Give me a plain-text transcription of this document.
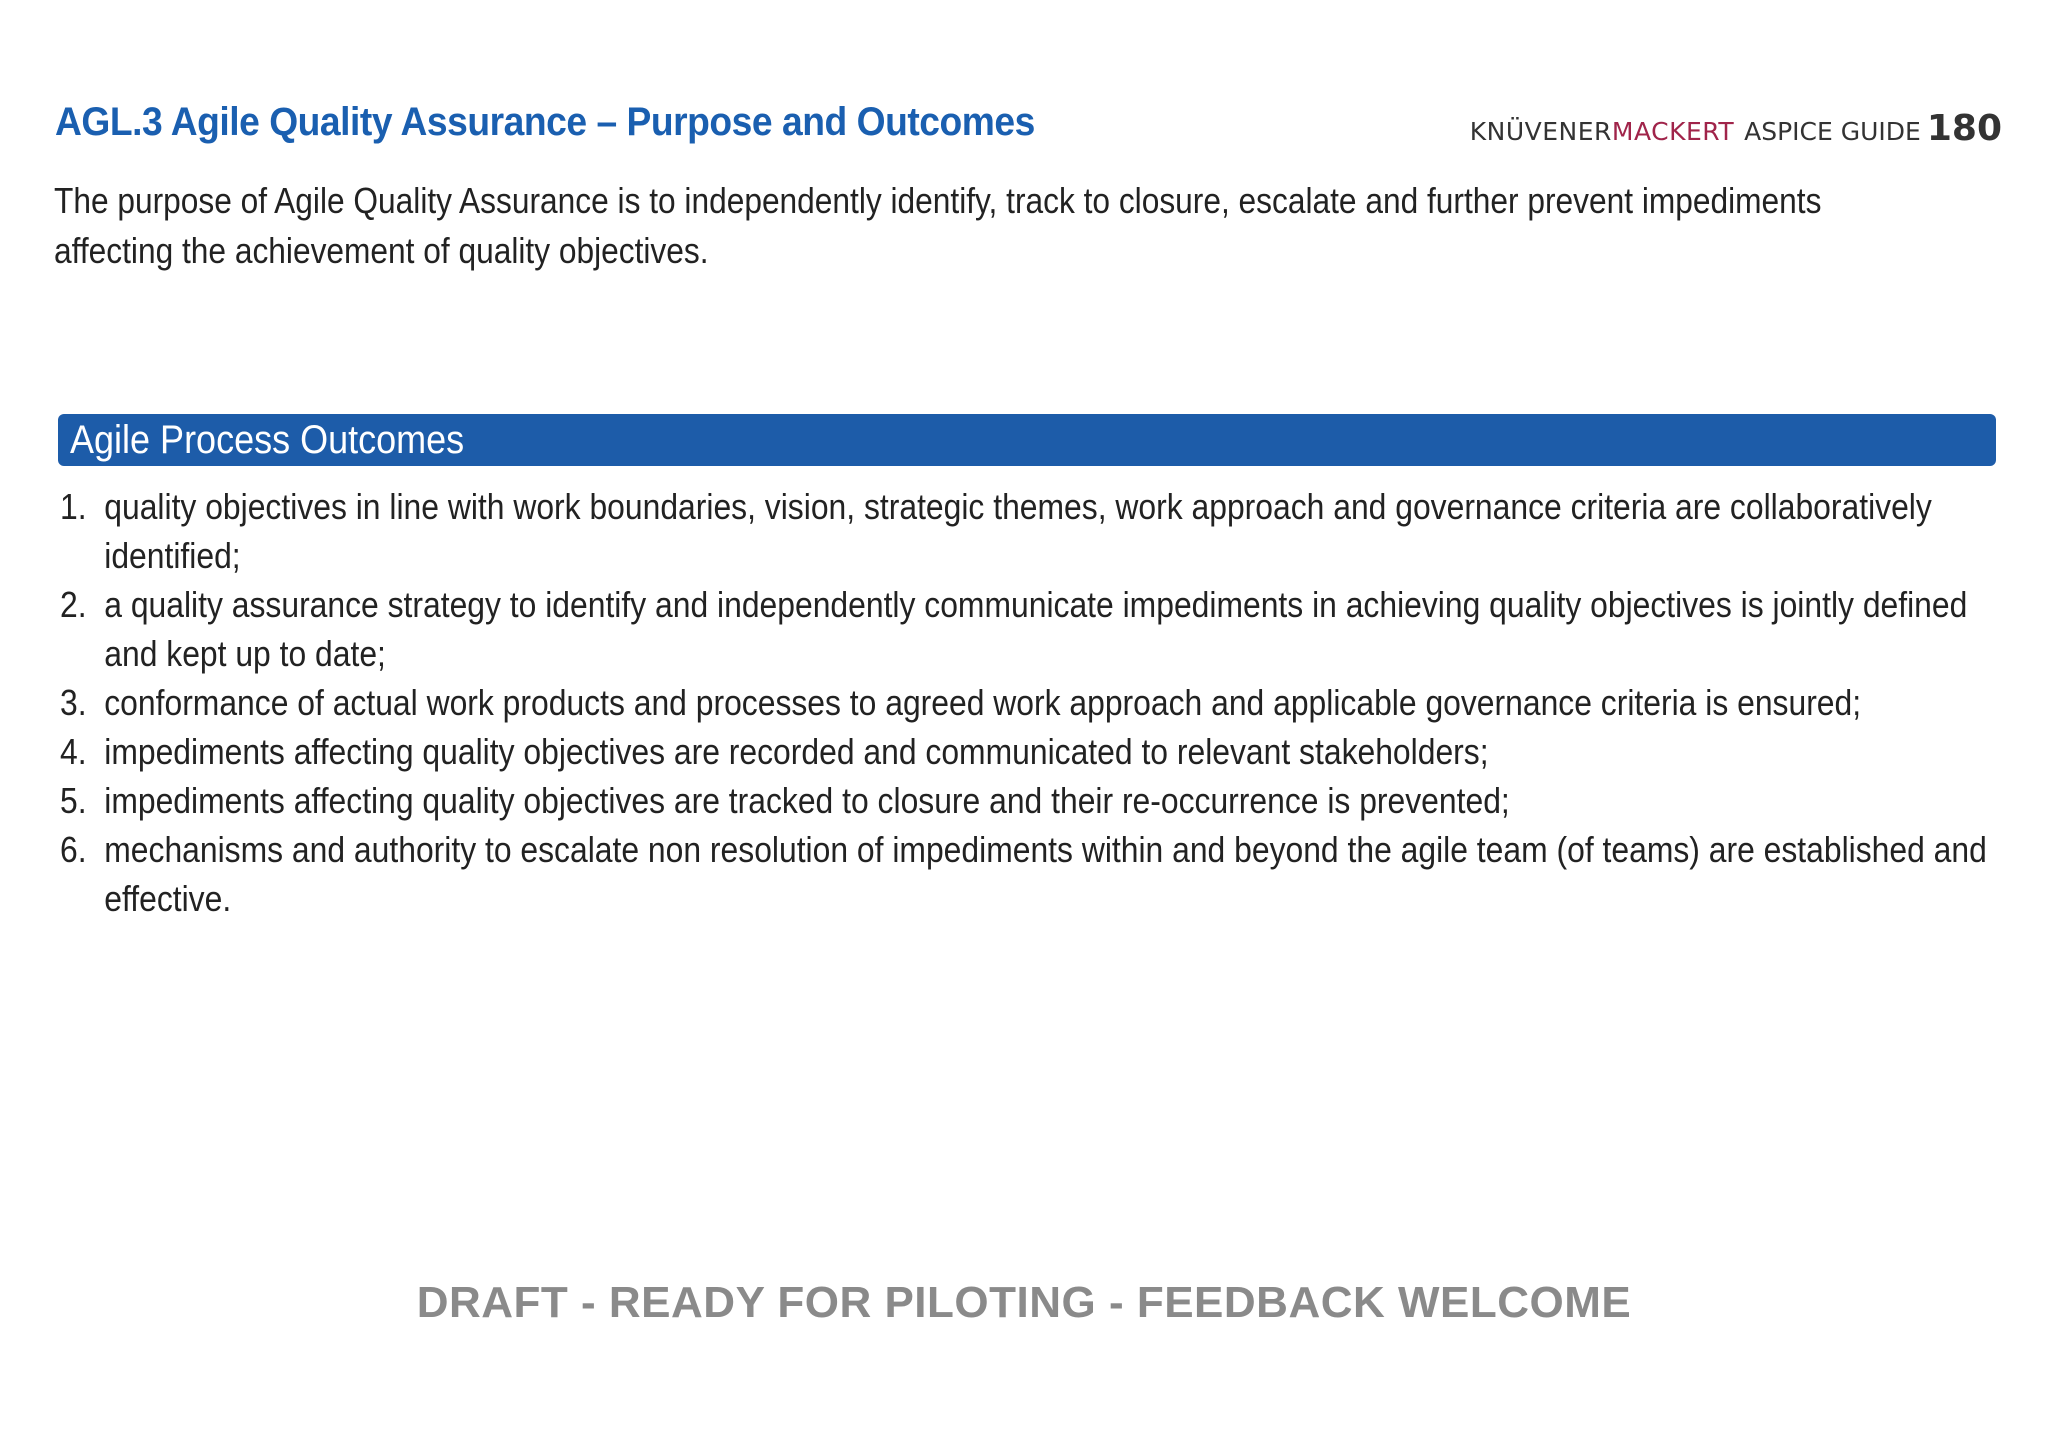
AGL.3 Agile Quality Assurance – Purpose and Outcomes	KNÜVENERMACKERT ASPICE GUIDE 180
The purpose of Agile Quality Assurance is to independently identify, track to closure, escalate and further prevent impediments affecting the achievement of quality objectives.
Agile Process Outcomes
1. quality objectives in line with work boundaries, vision, strategic themes, work approach and governance criteria are collaboratively identified;
2. a quality assurance strategy to identify and independently communicate impediments in achieving quality objectives is jointly defined and kept up to date;
3. conformance of actual work products and processes to agreed work approach and applicable governance criteria is ensured;
4. impediments affecting quality objectives are recorded and communicated to relevant stakeholders;
5. impediments affecting quality objectives are tracked to closure and their re-occurrence is prevented;
6. mechanisms and authority to escalate non resolution of impediments within and beyond the agile team (of teams) are established and effective.
DRAFT - READY FOR PILOTING - FEEDBACK WELCOME
